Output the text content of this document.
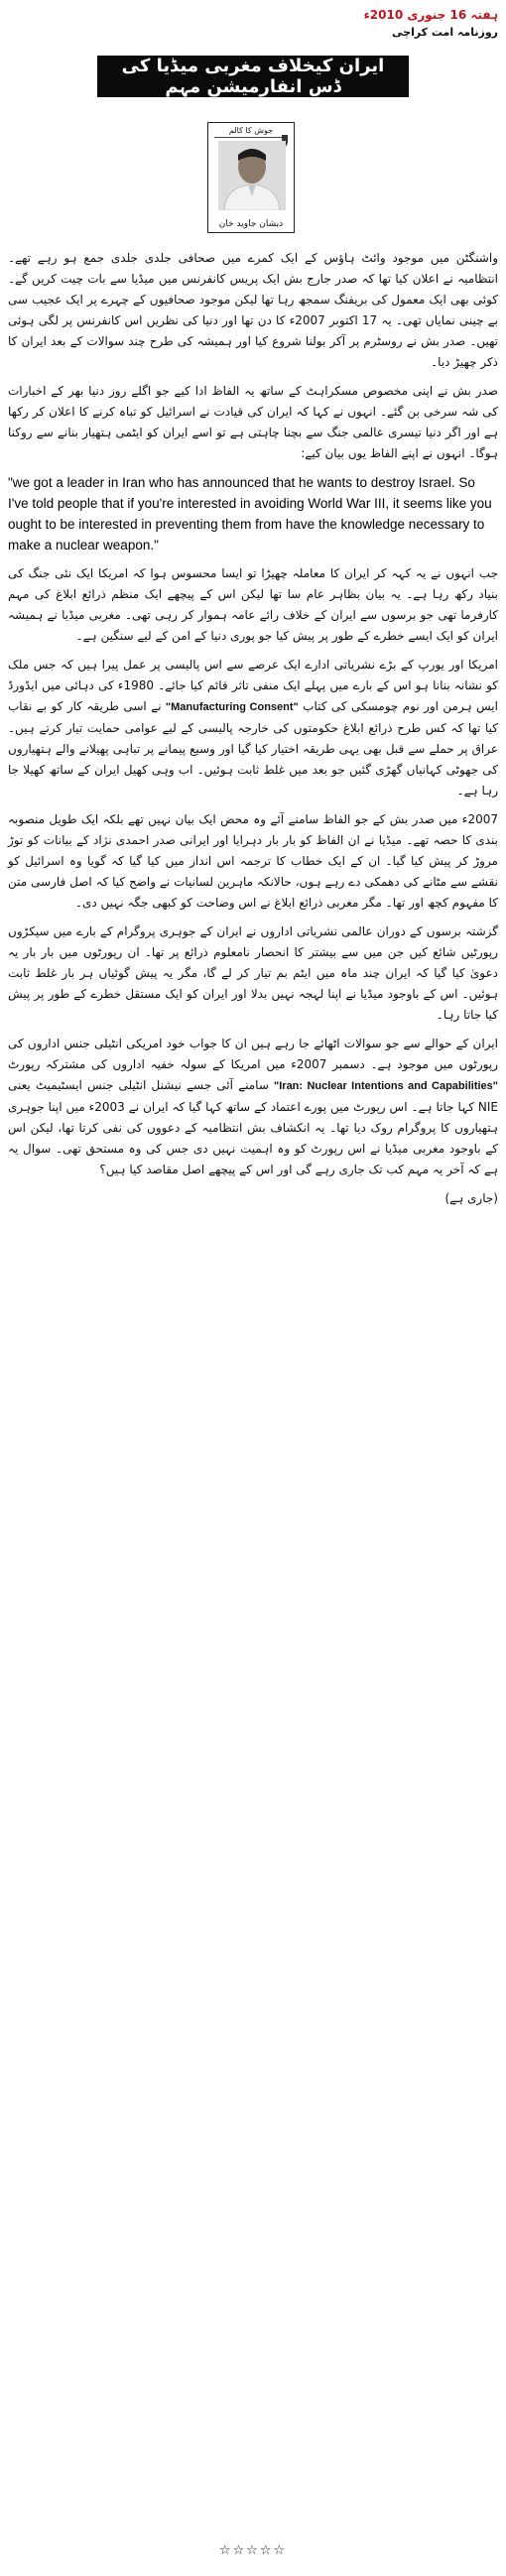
ہفتہ 16 جنوری 2010ء
روزنامہ امت کراچی
ایران کیخلاف مغربی میڈیا کی ڈس انفارمیشن مہم
جوش کا کالم
ذیشان جاوید خان

واشنگٹن میں موجود وائٹ ہاؤس کے ایک کمرے میں صحافی جلدی جلدی جمع ہو رہے تھے۔ انتظامیہ نے اعلان کیا تھا کہ صدر جارج بش ایک پریس کانفرنس میں میڈیا سے بات چیت کریں گے۔ کوئی بھی ایک معمول کی بریفنگ سمجھ رہا تھا لیکن موجود صحافیوں کے چہرے پر ایک عجیب سی بے چینی نمایاں تھی۔ یہ 17 اکتوبر 2007ء کا دن تھا اور دنیا کی نظریں اس کانفرنس پر لگی ہوئی تھیں۔ صدر بش نے روسٹرم پر آکر بولنا شروع کیا اور ہمیشہ کی طرح چند سوالات کے بعد ایران کا ذکر چھیڑ دیا۔

صدر بش نے اپنی مخصوص مسکراہٹ کے ساتھ یہ الفاظ ادا کیے جو اگلے روز دنیا بھر کے اخبارات کی شہ سرخی بن گئے۔ انہوں نے کہا کہ ایران کی قیادت نے اسرائیل کو تباہ کرنے کا اعلان کر رکھا ہے اور اگر دنیا تیسری عالمی جنگ سے بچنا چاہتی ہے تو اسے ایران کو ایٹمی ہتھیار بنانے سے روکنا ہوگا۔ انہوں نے اپنے الفاظ یوں بیان کیے:

"we got a leader in Iran who has announced that he wants to destroy Israel. So I've told people that if you're interested in avoiding World War III, it seems like you ought to be interested in preventing them from have the knowledge necessary to make a nuclear weapon."

جب انہوں نے یہ کہہ کر ایران کا معاملہ چھیڑا تو ایسا محسوس ہوا کہ امریکا ایک نئی جنگ کی بنیاد رکھ رہا ہے۔ یہ بیان بظاہر عام سا تھا لیکن اس کے پیچھے ایک منظم ذرائع ابلاغ کی مہم کارفرما تھی جو برسوں سے ایران کے خلاف رائے عامہ ہموار کر رہی تھی۔ مغربی میڈیا نے ہمیشہ ایران کو ایک ایسے خطرے کے طور پر پیش کیا جو پوری دنیا کے امن کے لیے سنگین ہے۔

امریکا اور یورپ کے بڑے نشریاتی ادارے ایک عرصے سے اس پالیسی پر عمل پیرا ہیں کہ جس ملک کو نشانہ بنانا ہو اس کے بارے میں پہلے ایک منفی تاثر قائم کیا جائے۔ 1980ء کی دہائی میں ایڈورڈ ایس ہرمن اور نوم چومسکی کی کتاب "Manufacturing Consent" نے اسی طریقہ کار کو بے نقاب کیا تھا کہ کس طرح ذرائع ابلاغ حکومتوں کی خارجہ پالیسی کے لیے عوامی حمایت تیار کرتے ہیں۔ عراق پر حملے سے قبل بھی یہی طریقہ اختیار کیا گیا اور وسیع پیمانے پر تباہی پھیلانے والے ہتھیاروں کی جھوٹی کہانیاں گھڑی گئیں جو بعد میں غلط ثابت ہوئیں۔ اب وہی کھیل ایران کے ساتھ کھیلا جا رہا ہے۔

2007ء میں صدر بش کے جو الفاظ سامنے آئے وہ محض ایک بیان نہیں تھے بلکہ ایک طویل منصوبہ بندی کا حصہ تھے۔ میڈیا نے ان الفاظ کو بار بار دہرایا اور ایرانی صدر احمدی نژاد کے بیانات کو توڑ مروڑ کر پیش کیا گیا۔ ان کے ایک خطاب کا ترجمہ اس انداز میں کیا گیا کہ گویا وہ اسرائیل کو نقشے سے مٹانے کی دھمکی دے رہے ہوں، حالانکہ ماہرین لسانیات نے واضح کیا کہ اصل فارسی متن کا مفہوم کچھ اور تھا۔ مگر مغربی ذرائع ابلاغ نے اس وضاحت کو کبھی جگہ نہیں دی۔

گزشتہ برسوں کے دوران عالمی نشریاتی اداروں نے ایران کے جوہری پروگرام کے بارے میں سیکڑوں رپورٹیں شائع کیں جن میں سے بیشتر کا انحصار نامعلوم ذرائع پر تھا۔ ان رپورٹوں میں بار بار یہ دعویٰ کیا گیا کہ ایران چند ماہ میں ایٹم بم تیار کر لے گا، مگر یہ پیش گوئیاں ہر بار غلط ثابت ہوئیں۔ اس کے باوجود میڈیا نے اپنا لہجہ نہیں بدلا اور ایران کو ایک مستقل خطرے کے طور پر پیش کیا جاتا رہا۔

ایران کے حوالے سے جو سوالات اٹھائے جا رہے ہیں ان کا جواب خود امریکی انٹیلی جنس اداروں کی رپورٹوں میں موجود ہے۔ دسمبر 2007ء میں امریکا کے سولہ خفیہ اداروں کی مشترکہ رپورٹ "Iran: Nuclear Intentions and Capabilities" سامنے آئی جسے نیشنل انٹیلی جنس ایسٹیمیٹ یعنی NIE کہا جاتا ہے۔ اس رپورٹ میں پورے اعتماد کے ساتھ کہا گیا کہ ایران نے 2003ء میں اپنا جوہری ہتھیاروں کا پروگرام روک دیا تھا۔ یہ انکشاف بش انتظامیہ کے دعووں کی نفی کرتا تھا، لیکن اس کے باوجود مغربی میڈیا نے اس رپورٹ کو وہ اہمیت نہیں دی جس کی وہ مستحق تھی۔ سوال یہ ہے کہ آخر یہ مہم کب تک جاری رہے گی اور اس کے پیچھے اصل مقاصد کیا ہیں؟

(جاری ہے)

☆☆☆☆☆
